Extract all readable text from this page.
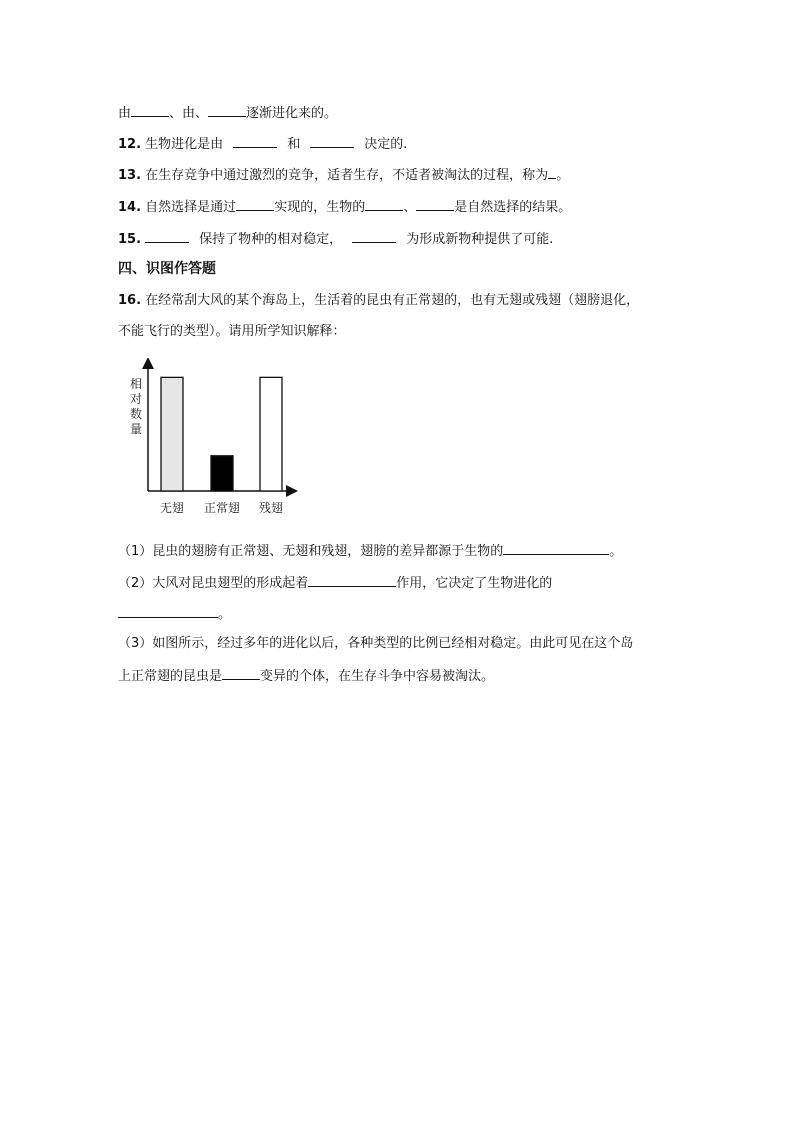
由	、由、	逐渐进化来的。
12. 生物进化是由	和	决定的.
13. 在生存竞争中通过激烈的竞争，适者生存，不适者被淘汰的过程，称为 。
14. 自然选择是通过	实现的，生物的	、	是自然选择的结果。
15.	保持了物种的相对稳定，	为形成新物种提供了可能.
四、识图作答题
16. 在经常刮大风的某个海岛上，生活着的昆虫有正常翅的，也有无翅或残翅（翅膀退化，
不能飞行的类型）。请用所学知识解释：
相
对
数
量
无翅 正常翅 残翅
（1）昆虫的翅膀有正常翅、无翅和残翅，翅膀的差异都源于生物的	。
（2）大风对昆虫翅型的形成起着	作用，它决定了生物进化的
。
（3）如图所示，经过多年的进化以后，各种类型的比例已经相对稳定。由此可见在这个岛
上正常翅的昆虫是	变异的个体，在生存斗争中容易被淘汰。
